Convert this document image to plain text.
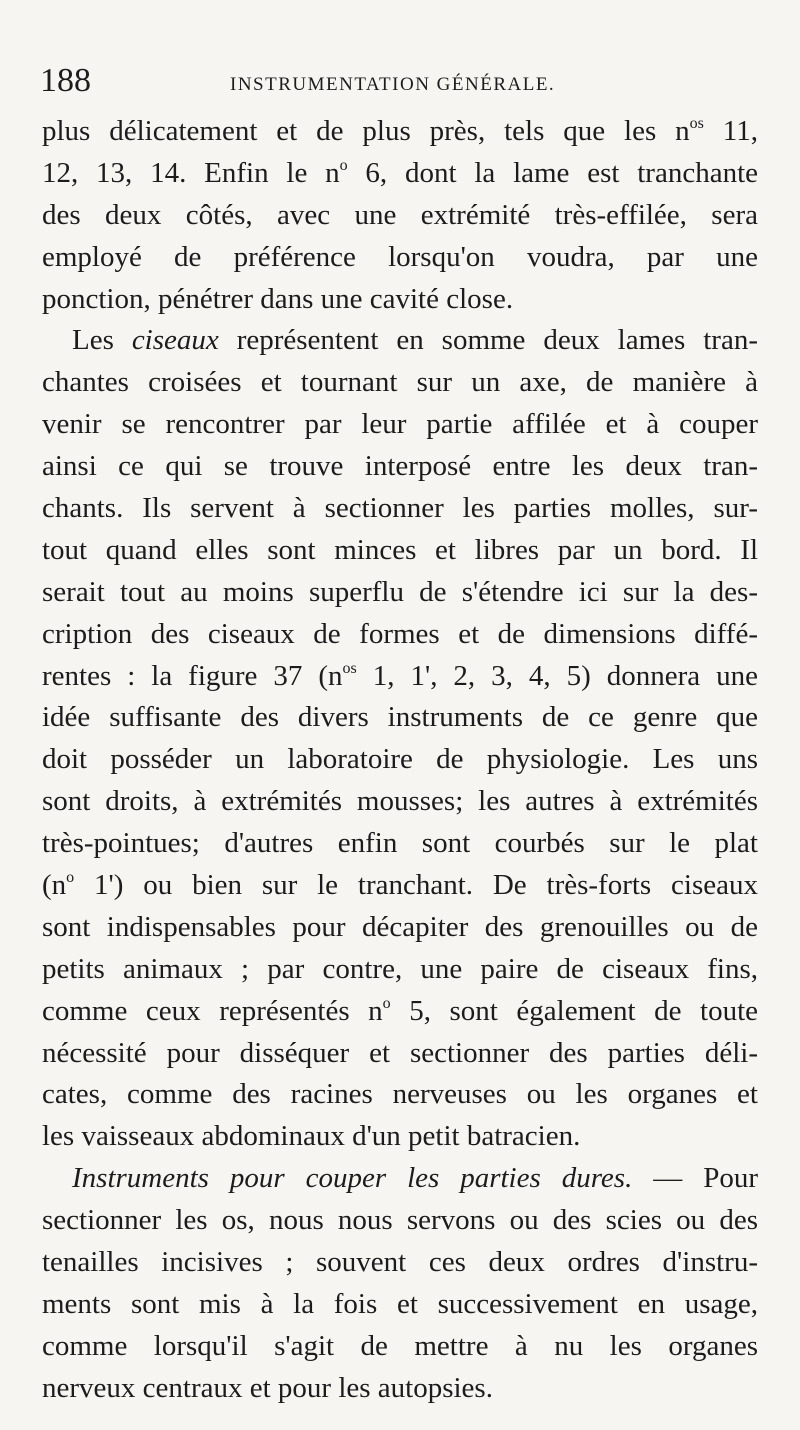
188	INSTRUMENTATION GÉNÉRALE.
plus délicatement et de plus près, tels que les $n^{os}$ 11,
12, 13, 14. Enfin le $n^o$ 6, dont la lame est tranchante
des deux côtés, avec une extrémité très-effilée, sera
employé de préférence lorsqu'on voudra, par une
ponction, pénétrer dans une cavité close.
Les ciseaux représentent en somme deux lames tran-
chantes croisées et tournant sur un axe, de manière à
venir se rencontrer par leur partie affilée et à couper
ainsi ce qui se trouve interposé entre les deux tran-
chants. Ils servent à sectionner les parties molles, sur-
tout quand elles sont minces et libres par un bord. Il
serait tout au moins superflu de s'étendre ici sur la des-
cription des ciseaux de formes et de dimensions diffé-
rentes : la figure 37 ($n^{os}$ 1, 1', 2, 3, 4, 5) donnera une
idée suffisante des divers instruments de ce genre que
doit posséder un laboratoire de physiologie. Les uns
sont droits, à extrémités mousses; les autres à extrémités
très-pointues; d'autres enfin sont courbés sur le plat
($n^o$ 1') ou bien sur le tranchant. De très-forts ciseaux
sont indispensables pour décapiter des grenouilles ou de
petits animaux ; par contre, une paire de ciseaux fins,
comme ceux représentés $n^o$ 5, sont également de toute
nécessité pour disséquer et sectionner des parties déli-
cates, comme des racines nerveuses ou les organes et
les vaisseaux abdominaux d'un petit batracien.
Instruments pour couper les parties dures. — Pour
sectionner les os, nous nous servons ou des scies ou des
tenailles incisives ; souvent ces deux ordres d'instru-
ments sont mis à la fois et successivement en usage,
comme lorsqu'il s'agit de mettre à nu les organes
nerveux centraux et pour les autopsies.
